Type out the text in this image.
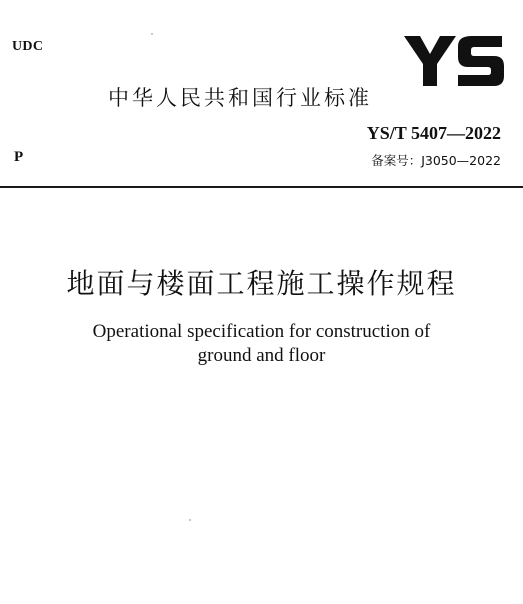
UDC
P
中华人民共和国行业标准
YS/T 5407—2022
备案号：J3050—2022
地面与楼面工程施工操作规程
Operational specification for construction of
ground and floor
